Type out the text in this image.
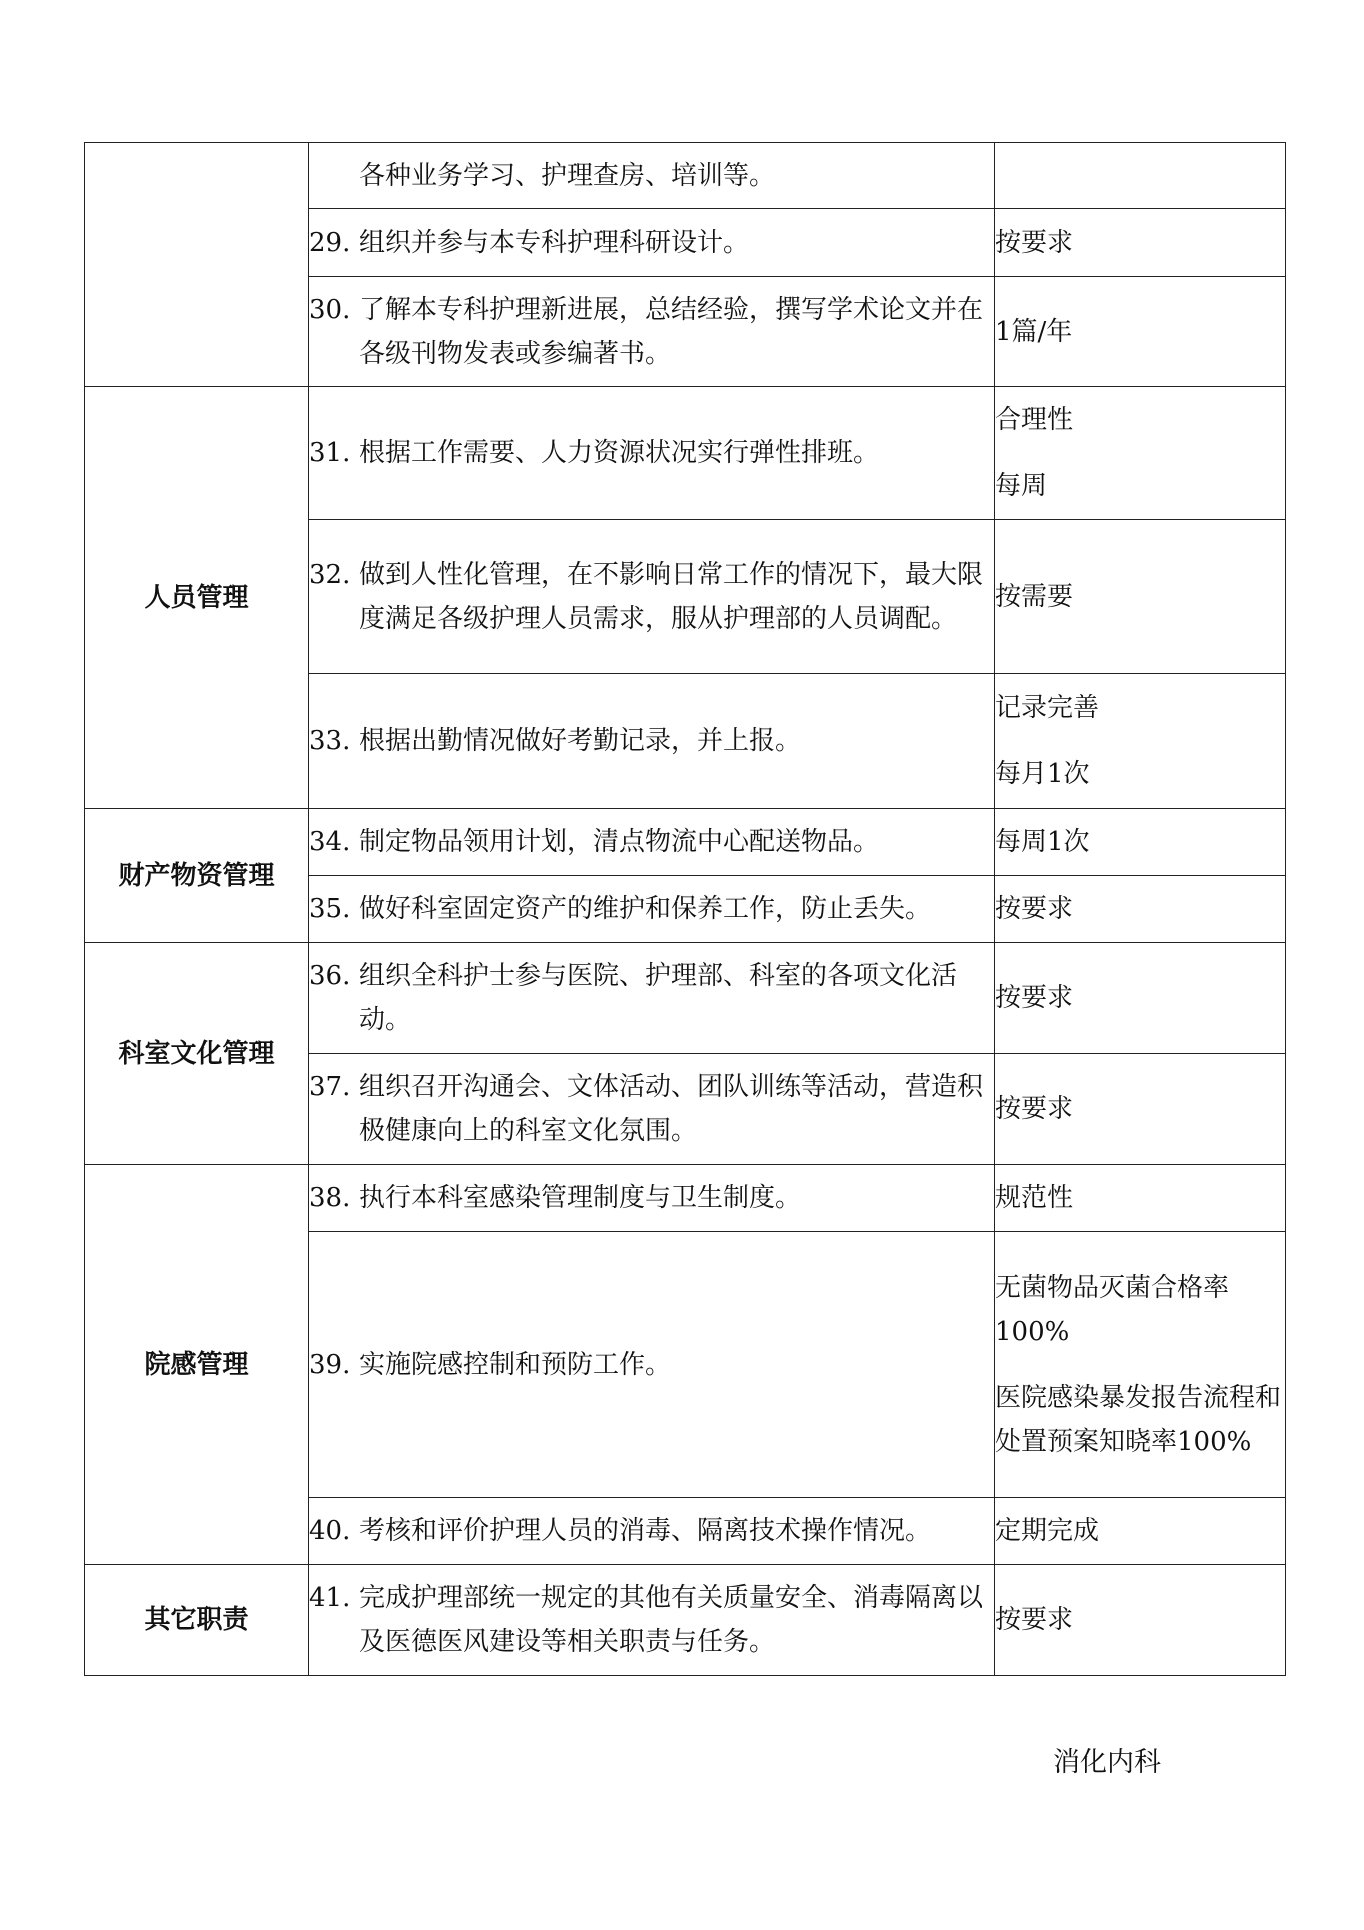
	各种业务学习、护理查房、培训等。	

	29. 组织并参与本专科护理科研设计。	按要求

	30. 了解本专科护理新进展，总结经验，撰写学术论文并在各级刊物发表或参编著书。	1篇/年

人员管理	31. 根据工作需要、人力资源状况实行弹性排班。	合理性
每周

	32. 做到人性化管理，在不影响日常工作的情况下，最大限度满足各级护理人员需求，服从护理部的人员调配。	按需要

	33. 根据出勤情况做好考勤记录，并上报。	记录完善
每月1次

财产物资管理	34. 制定物品领用计划，清点物流中心配送物品。	每周1次

	35. 做好科室固定资产的维护和保养工作，防止丢失。	按要求

科室文化管理	36. 组织全科护士参与医院、护理部、科室的各项文化活动。	按要求

	37. 组织召开沟通会、文体活动、团队训练等活动，营造积极健康向上的科室文化氛围。	按要求

院感管理	38. 执行本科室感染管理制度与卫生制度。	规范性

	39. 实施院感控制和预防工作。	无菌物品灭菌合格率100%
医院感染暴发报告流程和处置预案知晓率100%

	40. 考核和评价护理人员的消毒、隔离技术操作情况。	定期完成

其它职责	41. 完成护理部统一规定的其他有关质量安全、消毒隔离以及医德医风建设等相关职责与任务。	按要求
消化内科
